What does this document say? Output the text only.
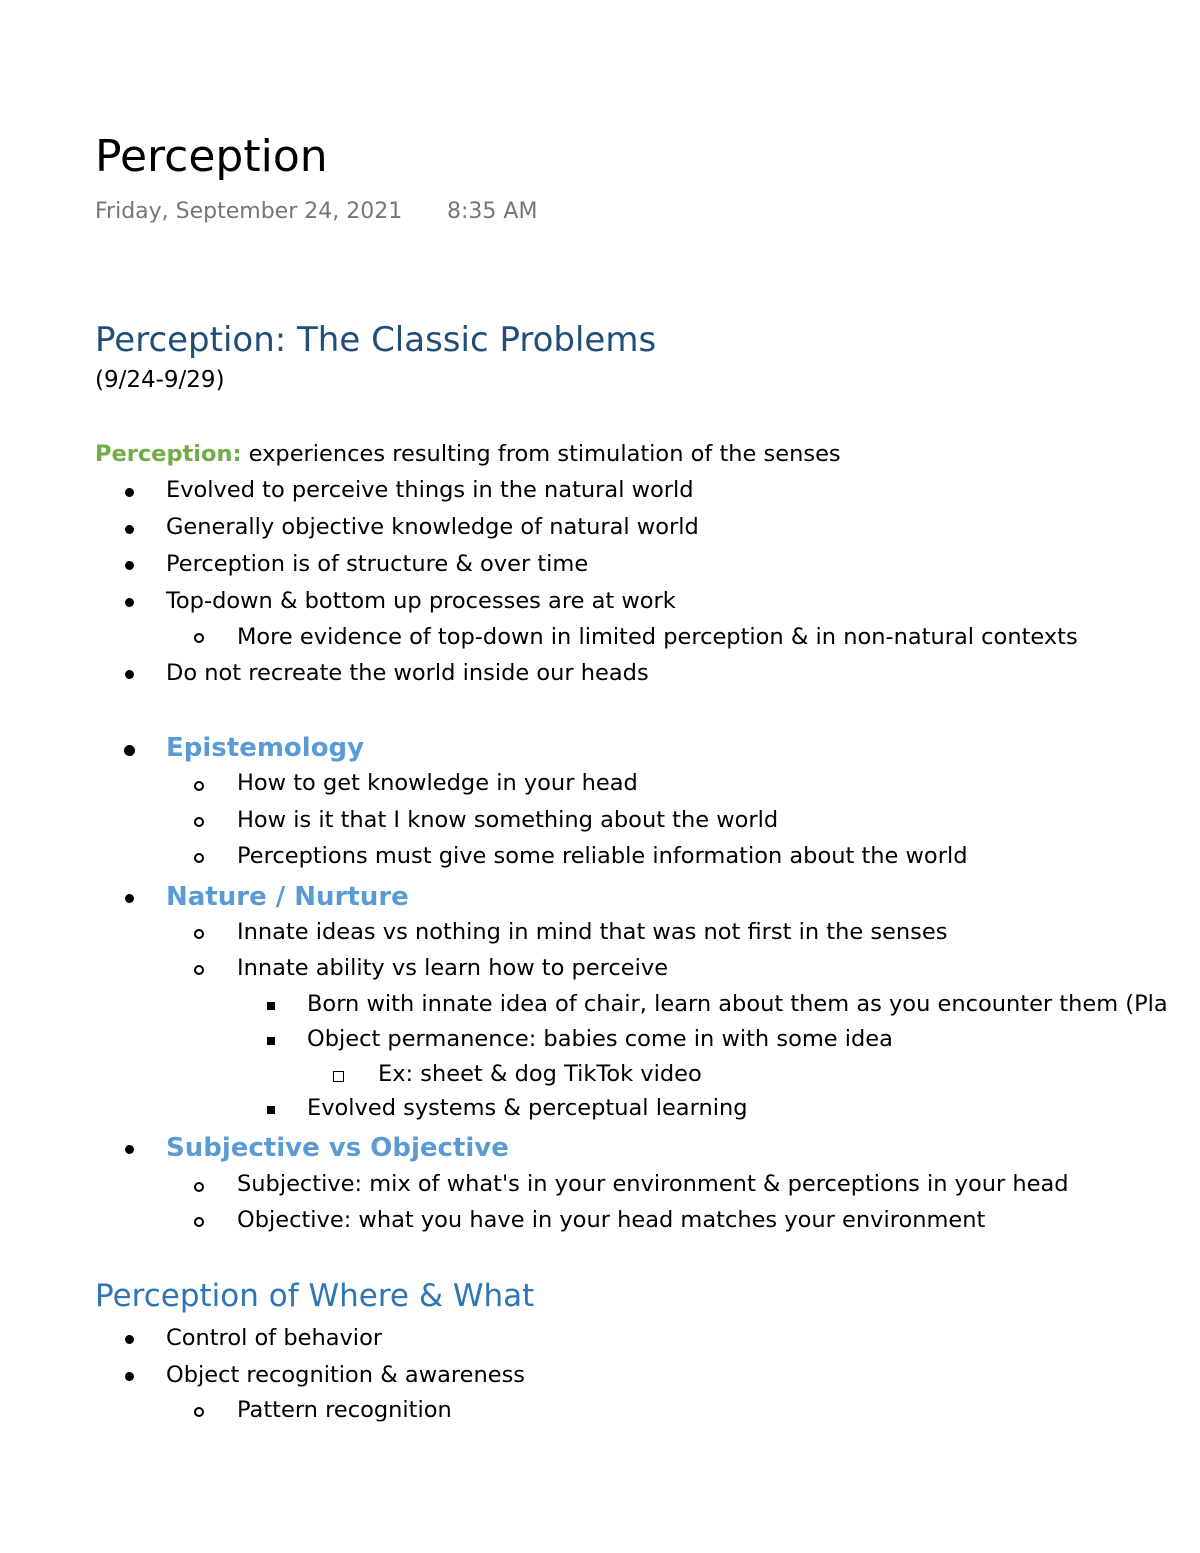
Perception
Friday, September 24, 2021 8:35 AM
Perception: The Classic Problems
(9/24-9/29)
Perception: experiences resulting from stimulation of the senses
Evolved to perceive things in the natural world
Generally objective knowledge of natural world
Perception is of structure & over time
Top-down & bottom up processes are at work
More evidence of top-down in limited perception & in non-natural contexts
Do not recreate the world inside our heads
Epistemology
How to get knowledge in your head
How is it that I know something about the world
Perceptions must give some reliable information about the world
Nature / Nurture
Innate ideas vs nothing in mind that was not first in the senses
Innate ability vs learn how to perceive
Born with innate idea of chair, learn about them as you encounter them (Pla
Object permanence: babies come in with some idea
Ex: sheet & dog TikTok video
Evolved systems & perceptual learning
Subjective vs Objective
Subjective: mix of what's in your environment & perceptions in your head
Objective: what you have in your head matches your environment
Perception of Where & What
Control of behavior
Object recognition & awareness
Pattern recognition
